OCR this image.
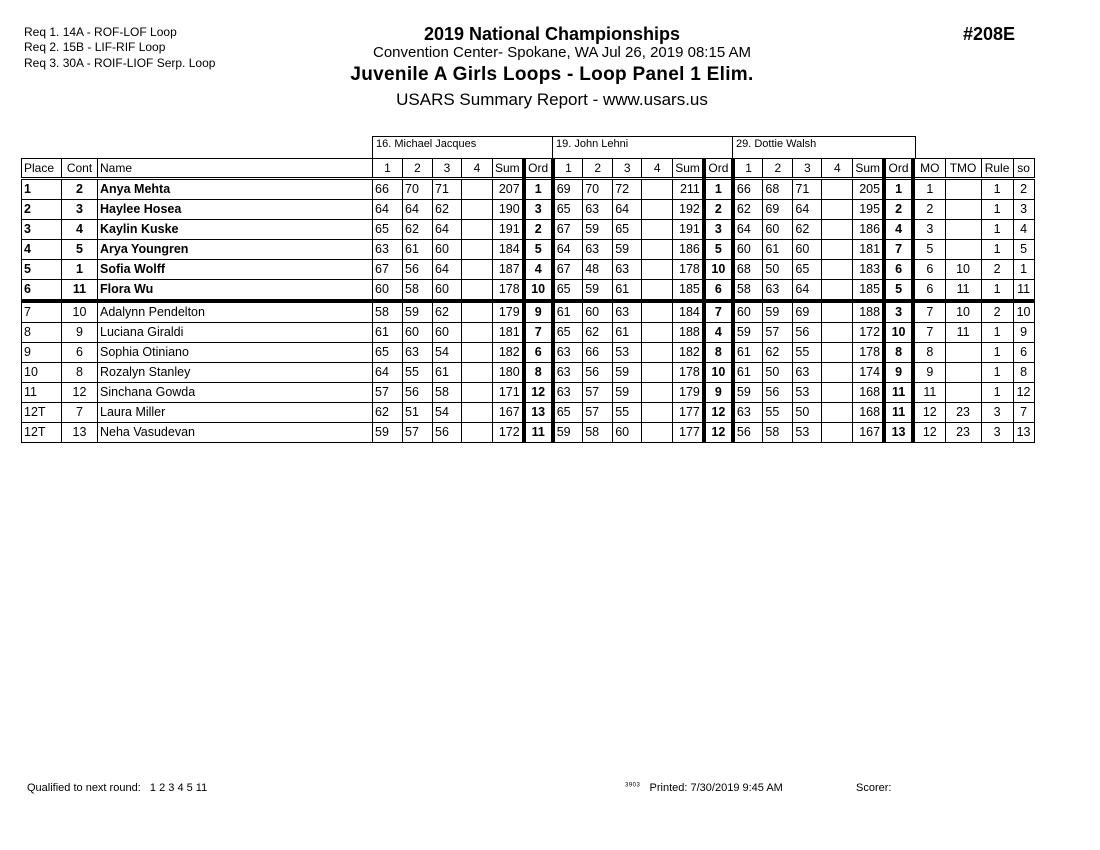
Req 1. 14A - ROF-LOF Loop
Req 2. 15B - LIF-RIF Loop
Req 3. 30A - ROIF-LIOF Serp. Loop
2019 National Championships
Convention Center- Spokane, WA Jul 26, 2019 08:15 AM
Juvenile A Girls Loops - Loop Panel 1 Elim.
USARS Summary Report - www.usars.us
#208E
16. Michael Jacques	19. John Lehni	29. Dottie Walsh
Place	Cont	Name	1	2	3	4	Sum	Ord	1	2	3	4	Sum	Ord	1	2	3	4	Sum	Ord	MO	TMO	Rule	so
1	2	Anya Mehta	66	70	71		207	1	69	70	72		211	1	66	68	71		205	1	1		1	2
2	3	Haylee Hosea	64	64	62		190	3	65	63	64		192	2	62	69	64		195	2	2		1	3
3	4	Kaylin Kuske	65	62	64		191	2	67	59	65		191	3	64	60	62		186	4	3		1	4
4	5	Arya Youngren	63	61	60		184	5	64	63	59		186	5	60	61	60		181	7	5		1	5
5	1	Sofia Wolff	67	56	64		187	4	67	48	63		178	10	68	50	65		183	6	6	10	2	1
6	11	Flora Wu	60	58	60		178	10	65	59	61		185	6	58	63	64		185	5	6	11	1	11
7	10	Adalynn Pendelton	58	59	62		179	9	61	60	63		184	7	60	59	69		188	3	7	10	2	10
8	9	Luciana Giraldi	61	60	60		181	7	65	62	61		188	4	59	57	56		172	10	7	11	1	9
9	6	Sophia Otiniano	65	63	54		182	6	63	66	53		182	8	61	62	55		178	8	8		1	6
10	8	Rozalyn Stanley	64	55	61		180	8	63	56	59		178	10	61	50	63		174	9	9		1	8
11	12	Sinchana Gowda	57	56	58		171	12	63	57	59		179	9	59	56	53		168	11	11		1	12
12T	7	Laura Miller	62	51	54		167	13	65	57	55		177	12	63	55	50		168	11	12	23	3	7
12T	13	Neha Vasudevan	59	57	56		172	11	59	58	60		177	12	56	58	53		167	13	12	23	3	13
Qualified to next round: 1 2 3 4 5 11	$^{3903}$ Printed: 7/30/2019 9:45 AM	Scorer:
